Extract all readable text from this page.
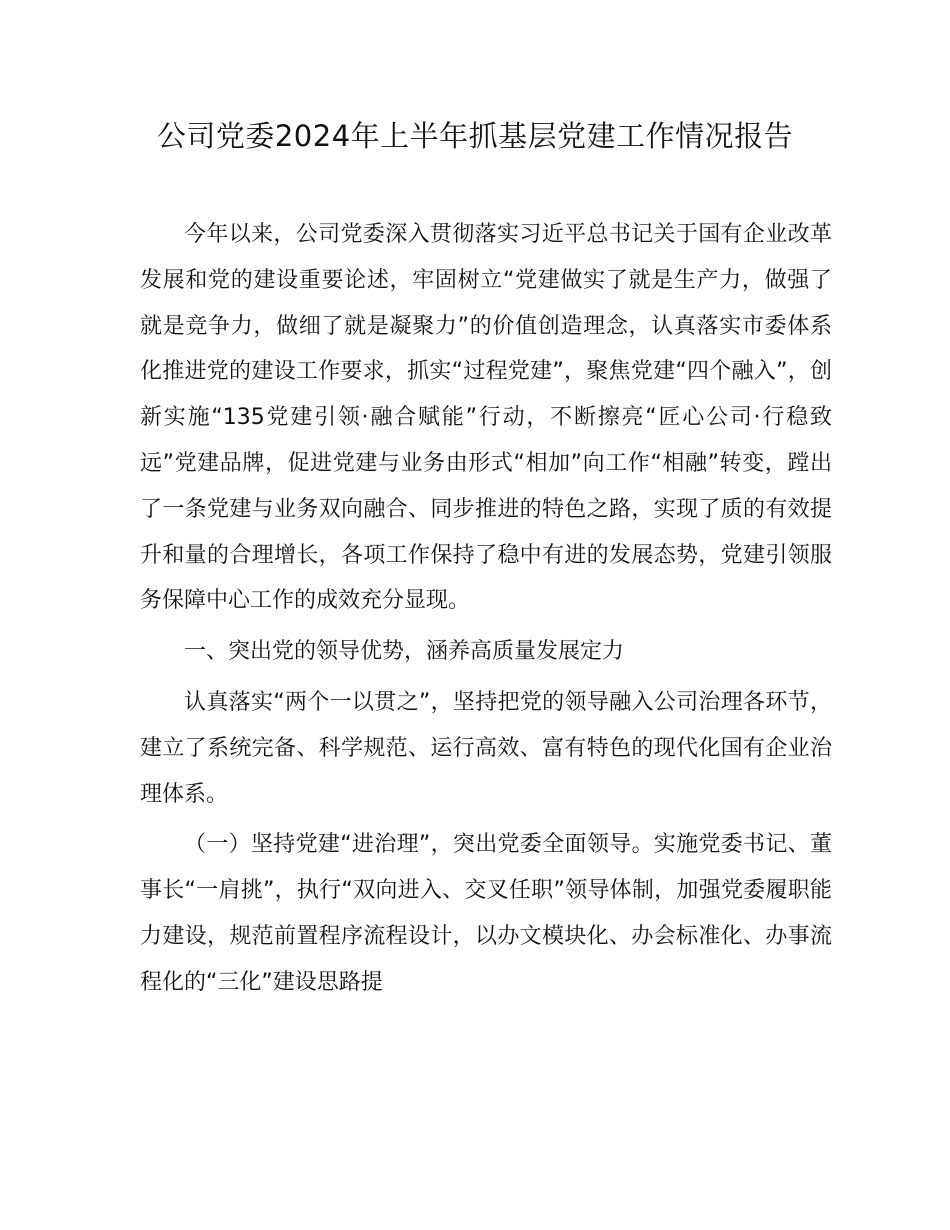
公司党委2024年上半年抓基层党建工作情况报告

今年以来，公司党委深入贯彻落实习近平总书记关于国有企业改革发展和党的建设重要论述，牢固树立“党建做实了就是生产力，做强了就是竞争力，做细了就是凝聚力”的价值创造理念，认真落实市委体系化推进党的建设工作要求，抓实“过程党建”，聚焦党建“四个融入”，创新实施“135党建引领·融合赋能”行动，不断擦亮“匠心公司·行稳致远”党建品牌，促进党建与业务由形式“相加”向工作“相融”转变，蹚出了一条党建与业务双向融合、同步推进的特色之路，实现了质的有效提升和量的合理增长，各项工作保持了稳中有进的发展态势，党建引领服务保障中心工作的成效充分显现。

一、突出党的领导优势，涵养高质量发展定力

认真落实“两个一以贯之”，坚持把党的领导融入公司治理各环节，建立了系统完备、科学规范、运行高效、富有特色的现代化国有企业治理体系。

（一）坚持党建“进治理”，突出党委全面领导。实施党委书记、董事长“一肩挑”，执行“双向进入、交叉任职”领导体制，加强党委履职能力建设，规范前置程序流程设计，以办文模块化、办会标准化、办事流程化的“三化”建设思路提
